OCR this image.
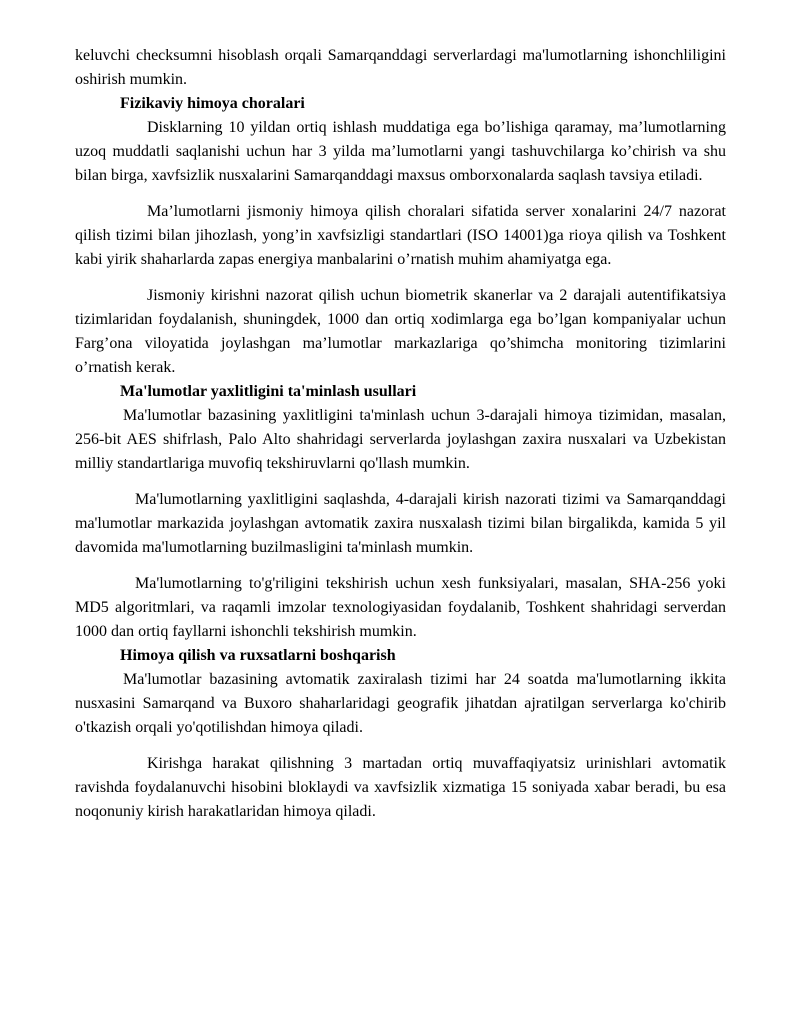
keluvchi checksumni hisoblash orqali Samarqanddagi serverlardagi ma'lumotlarning ishonchliligini oshirish mumkin.

Fizikaviy himoya choralari

Disklarning 10 yildan ortiq ishlash muddatiga ega bo’lishiga qaramay, ma’lumotlarning uzoq muddatli saqlanishi uchun har 3 yilda ma’lumotlarni yangi tashuvchilarga ko’chirish va shu bilan birga, xavfsizlik nusxalarini Samarqanddagi maxsus omborxonalarda saqlash tavsiya etiladi.

Ma’lumotlarni jismoniy himoya qilish choralari sifatida server xonalarini 24/7 nazorat qilish tizimi bilan jihozlash, yong’in xavfsizligi standartlari (ISO 14001)ga rioya qilish va Toshkent kabi yirik shaharlarda zapas energiya manbalarini o’rnatish muhim ahamiyatga ega.

Jismoniy kirishni nazorat qilish uchun biometrik skanerlar va 2 darajali autentifikatsiya tizimlaridan foydalanish, shuningdek, 1000 dan ortiq xodimlarga ega bo’lgan kompaniyalar uchun Farg’ona viloyatida joylashgan ma’lumotlar markazlariga qo’shimcha monitoring tizimlarini o’rnatish kerak.

Ma'lumotlar yaxlitligini ta'minlash usullari

Ma'lumotlar bazasining yaxlitligini ta'minlash uchun 3-darajali himoya tizimidan, masalan, 256-bit AES shifrlash, Palo Alto shahridagi serverlarda joylashgan zaxira nusxalari va Uzbekistan milliy standartlariga muvofiq tekshiruvlarni qo'llash mumkin.

Ma'lumotlarning yaxlitligini saqlashda, 4-darajali kirish nazorati tizimi va Samarqanddagi ma'lumotlar markazida joylashgan avtomatik zaxira nusxalash tizimi bilan birgalikda, kamida 5 yil davomida ma'lumotlarning buzilmasligini ta'minlash mumkin.

Ma'lumotlarning to'g'riligini tekshirish uchun xesh funksiyalari, masalan, SHA-256 yoki MD5 algoritmlari, va raqamli imzolar texnologiyasidan foydalanib, Toshkent shahridagi serverdan 1000 dan ortiq fayllarni ishonchli tekshirish mumkin.

Himoya qilish va ruxsatlarni boshqarish

Ma'lumotlar bazasining avtomatik zaxiralash tizimi har 24 soatda ma'lumotlarning ikkita nusxasini Samarqand va Buxoro shaharlaridagi geografik jihatdan ajratilgan serverlarga ko'chirib o'tkazish orqali yo'qotilishdan himoya qiladi.

Kirishga harakat qilishning 3 martadan ortiq muvaffaqiyatsiz urinishlari avtomatik ravishda foydalanuvchi hisobini bloklaydi va xavfsizlik xizmatiga 15 soniyada xabar beradi, bu esa noqonuniy kirish harakatlaridan himoya qiladi.
